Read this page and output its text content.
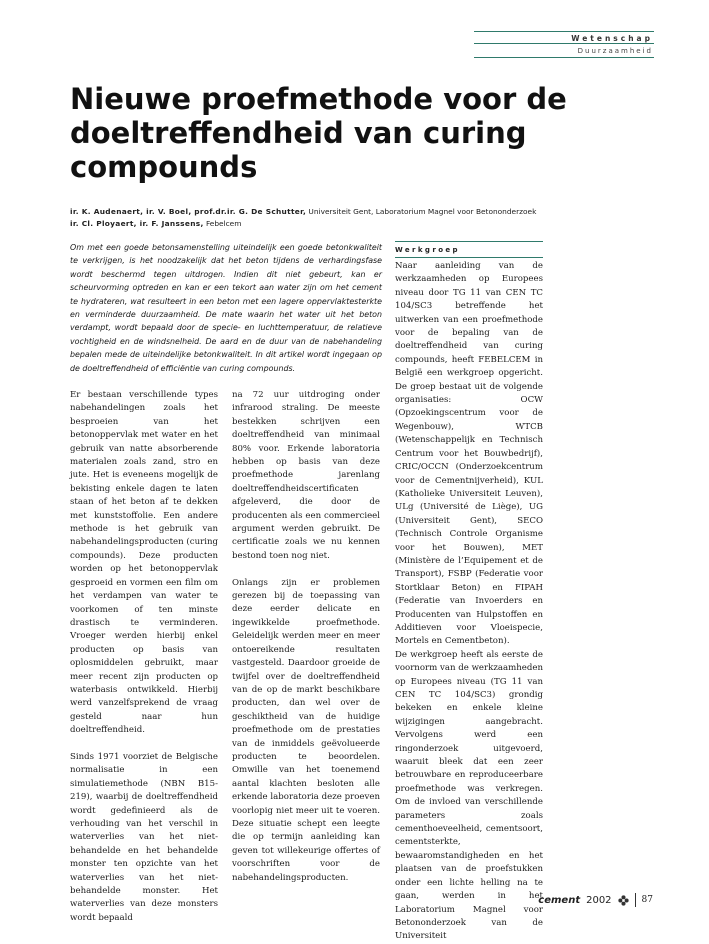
Wetenschap
Duurzaamheid
Nieuwe proefmethode voor de doeltreffendheid van curing compounds
ir. K. Audenaert, ir. V. Boel, prof.dr.ir. G. De Schutter, Universiteit Gent, Laboratorium Magnel voor Betononderzoek
ir. Cl. Ployaert, ir. F. Janssens, Febelcem
Om met een goede betonsamenstelling uiteindelijk een goede betonkwaliteit te verkrijgen, is het noodzakelijk dat het beton tijdens de verhardingsfase wordt beschermd tegen uitdrogen. Indien dit niet gebeurt, kan er scheurvorming optreden en kan er een tekort aan water zijn om het cement te hydrateren, wat resulteert in een beton met een lagere oppervlaktesterkte en verminderde duurzaamheid. De mate waarin het water uit het beton verdampt, wordt bepaald door de specie- en luchttemperatuur, de relatieve vochtigheid en de windsnelheid. De aard en de duur van de nabehandeling bepalen mede de uiteindelijke betonkwaliteit. In dit artikel wordt ingegaan op de doeltreffendheid of efficiëntie van curing compounds.

Er bestaan verschillende types nabehandelingen zoals het besproeien van het betonoppervlak met water en het gebruik van natte absorberende materialen zoals zand, stro en jute. Het is eveneens mogelijk de bekisting enkele dagen te laten staan of het beton af te dekken met kunststoffolie. Een andere methode is het gebruik van nabehandelingsproducten (curing compounds). Deze producten worden op het betonoppervlak gesproeid en vormen een film om het verdampen van water te voorkomen of ten minste drastisch te verminderen. Vroeger werden hierbij enkel producten op basis van oplosmiddelen gebruikt, maar meer recent zijn producten op waterbasis ontwikkeld. Hierbij werd vanzelfsprekend de vraag gesteld naar hun doeltreffendheid.

Sinds 1971 voorziet de Belgische normalisatie in een simulatiemethode (NBN B15-219), waarbij de doeltreffendheid wordt gedefinieerd als de verhouding van het verschil in waterverlies van het niet-behandelde en het behandelde monster ten opzichte van het waterverlies van het niet-behandelde monster. Het waterverlies van deze monsters wordt bepaald

na 72 uur uitdroging onder infrarood straling. De meeste bestekken schrijven een doeltreffendheid van minimaal 80% voor. Erkende laboratoria hebben op basis van deze proefmethode jarenlang doeltreffendheidscertificaten afgeleverd, die door de producenten als een commercieel argument werden gebruikt. De certificatie zoals we nu kennen bestond toen nog niet.

Onlangs zijn er problemen gerezen bij de toepassing van deze eerder delicate en ingewikkelde proefmethode. Geleidelijk werden meer en meer ontoereikende resultaten vastgesteld. Daardoor groeide de twijfel over de doeltreffendheid van de op de markt beschikbare producten, dan wel over de geschiktheid van de huidige proefmethode om de prestaties van de inmiddels geëvolueerde producten te beoordelen. Omwille van het toenemend aantal klachten besloten alle erkende laboratoria deze proeven voorlopig niet meer uit te voeren. Deze situatie schept een leegte die op termijn aanleiding kan geven tot willekeurige offertes of voorschriften voor de nabehandelingsproducten.

Werkgroep

Naar aanleiding van de werkzaamheden op Europees niveau door TG 11 van CEN TC 104/SC3 betreffende het uitwerken van een proefmethode voor de bepaling van de doeltreffendheid van curing compounds, heeft FEBELCEM in België een werkgroep opgericht. De groep bestaat uit de volgende organisaties: OCW (Opzoekingscentrum voor de Wegenbouw), WTCB (Wetenschappelijk en Technisch Centrum voor het Bouwbedrijf), CRIC/OCCN (Onderzoekcentrum voor de Cementnijverheid), KUL (Katholieke Universiteit Leuven), ULg (Université de Liège), UG (Universiteit Gent), SECO (Technisch Controle Organisme voor het Bouwen), MET (Ministère de l’Equipement et de Transport), FSBP (Federatie voor Stortklaar Beton) en FIPAH (Federatie van Invoerders en Producenten van Hulpstoffen en Additieven voor Vloeispecie, Mortels en Cementbeton).

De werkgroep heeft als eerste de voornorm van de werkzaamheden op Europees niveau (TG 11 van CEN TC 104/SC3) grondig bekeken en enkele kleine wijzigingen aangebracht. Vervolgens werd een ringonderzoek uitgevoerd, waaruit bleek dat een zeer betrouwbare en reproduceerbare proefmethode was verkregen. Om de invloed van verschillende parameters zoals cementhoeveelheid, cementsoort, cementsterkte, bewaaromstandigheden en het plaatsen van de proefstukken onder een lichte helling na te gaan, werden in het Laboratorium Magnel voor Betononderzoek van de Universiteit

cement 2002	87
